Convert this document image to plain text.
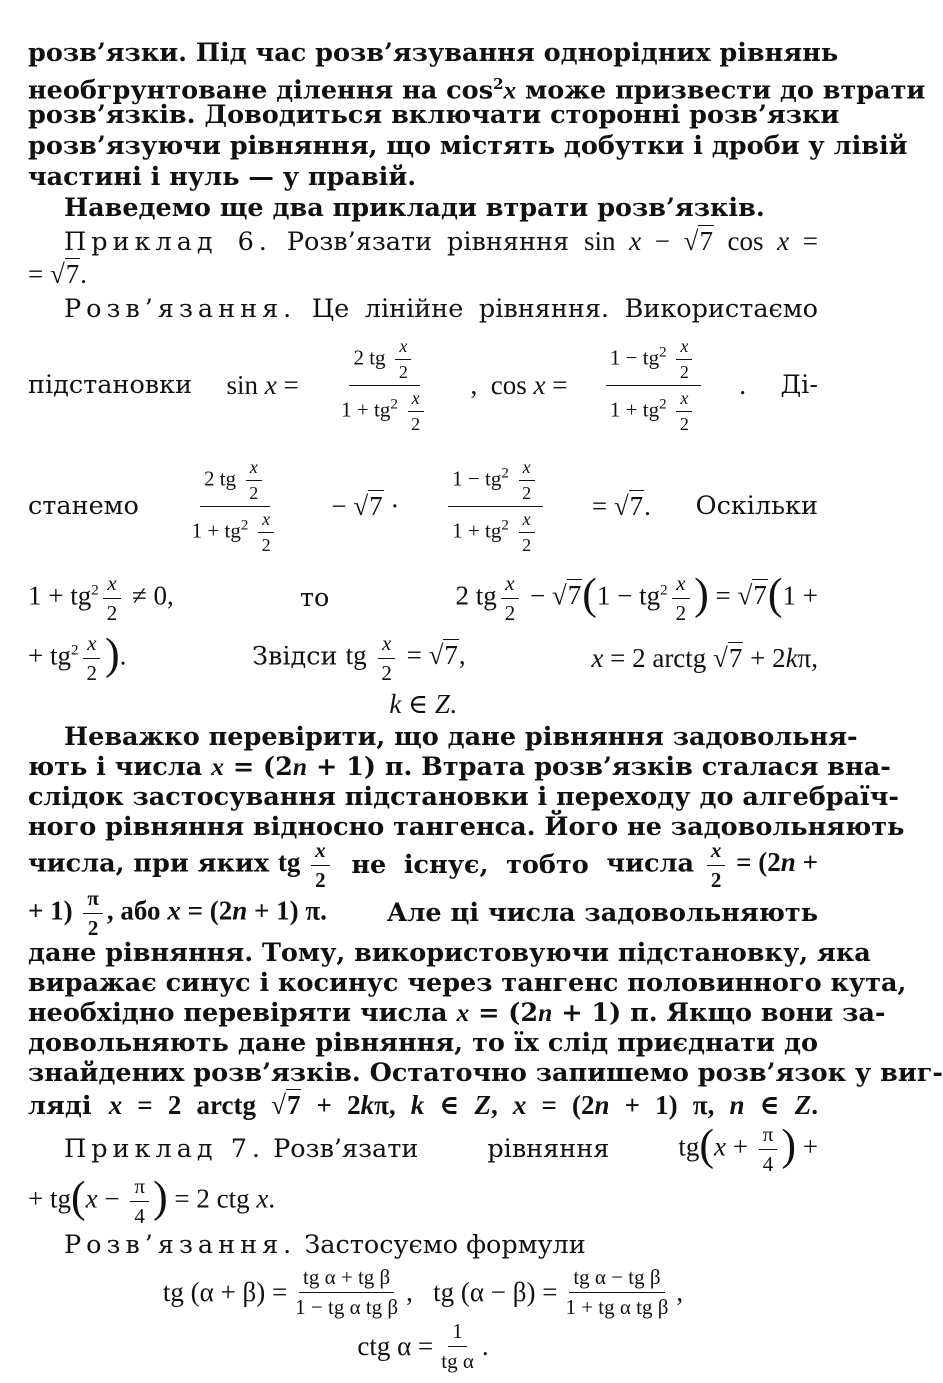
розв’язки. Під час розв’язування однорідних рівнянь
необгрунтоване ділення на $\cos^2x$ може призвести до втрати
розв’язків. Доводиться включати сторонні розв’язки
розв’язуючи рівняння, що містять добутки і дроби у лівій
частині і нуль — у правій.
Наведемо ще два приклади втрати розв’язків.
Приклад 6. Розв’язати рівняння sin x − √7 cos x =
= √7.
Розв’язання. Це лінійне рівняння. Використаємо
підстановки $\sin x = \frac{2 tg \frac{x}{2}}{1 + tg^2 \frac{x}{2}}$ ,  $\cos x = \frac{1 - tg^2 \frac{x}{2}}{1 + tg^2 \frac{x}{2}}$ . Ді-
станемо $\frac{2 tg \frac{x}{2}}{1 + tg^2 \frac{x}{2}} - √7 \cdot \frac{1 - tg^2 \frac{x}{2}}{1 + tg^2 \frac{x}{2}} = √7$. Оскільки
$1 + tg^2 \frac{x}{2} \ne 0$,	то	2 tg $\frac{x}{2} - √7(1 - tg^2 \frac{x}{2}$ ) = √7(1 +
+ $tg^2 \frac{x}{2}$ ).	Звідси tg $\frac{x}{2} = √7$,	x = 2 arctg √7 + 2kπ,
k ∈ Z.
Неважко перевірити, що дане рівняння задовольня-
ють і числа x = (2n + 1) π. Втрата розв’язків сталася вна-
слідок застосування підстановки і переходу до алгебраїч-
ного рівняння відносно тангенса. Його не задовольняють
числа, при яких tg $\frac{x}{2}$ не існує, тобто числа $\frac{x}{2} = (2n$ +
+ $1) \frac{\pi}{2}$ , або x = (2n + 1) π. Але ці числа задовольняють
дане рівняння. Тому, використовуючи підстановку, яка
виражає синус і косинус через тангенс половинного кута,
необхідно перевіряти числа x = (2n + 1) π. Якщо вони за-
довольняють дане рівняння, то їх слід приєднати до
знайдених розв’язків. Остаточно запишемо розв’язок у виг-
ляді x = 2 arctg √7 + 2kπ, k ∈ Z, x = (2n + 1) π, n ∈ Z.
Приклад 7. Розв’язати	рівняння	$tg(x + \frac{\pi}{4}$ ) +
+ $tg(x - \frac{\pi}{4}$ ) = 2 ctg x.
Розв’язання. Застосуємо формули
tg $(\alpha + \beta) = \frac{\text{tg α + tg β}}{\text{1 − tg α tg β}}$ , tg $(\alpha - \beta) = \frac{\text{tg α − tg β}}{\text{1 + tg α tg β}}$ ,
ctg $\alpha = \frac{1}{\text{tg α}}$ .
